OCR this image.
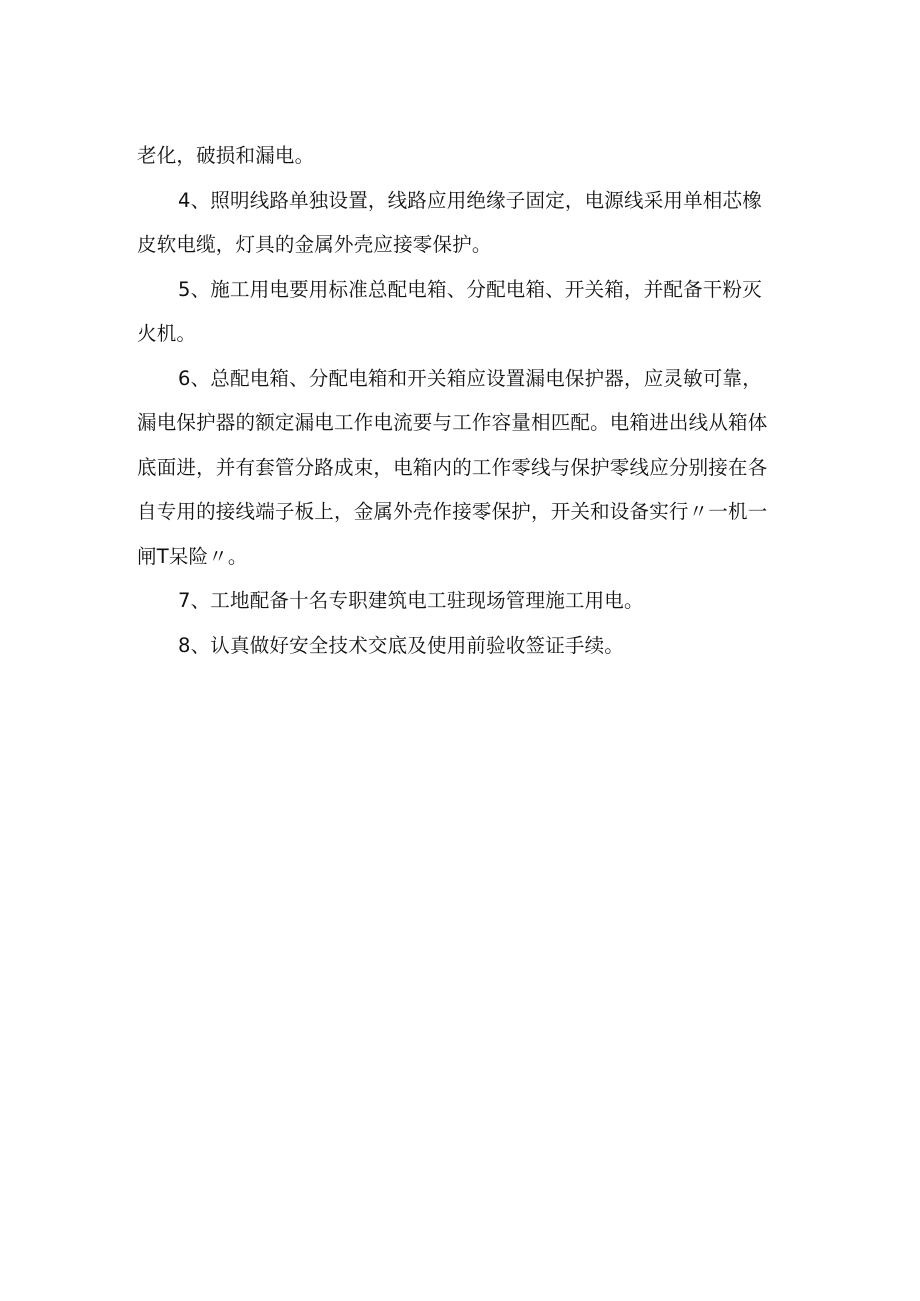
老化，破损和漏电。

4、照明线路单独设置，线路应用绝缘子固定，电源线采用单相芯橡
皮软电缆，灯具的金属外壳应接零保护。

5、施工用电要用标准总配电箱、分配电箱、开关箱，并配备干粉灭
火机。

6、总配电箱、分配电箱和开关箱应设置漏电保护器，应灵敏可靠，
漏电保护器的额定漏电工作电流要与工作容量相匹配。电箱进出线从箱体
底面进，并有套管分路成束，电箱内的工作零线与保护零线应分别接在各
自专用的接线端子板上，金属外壳作接零保护，开关和设备实行〃一机一
闸T呆险〃。

7、工地配备十名专职建筑电工驻现场管理施工用电。

8、认真做好安全技术交底及使用前验收签证手续。
